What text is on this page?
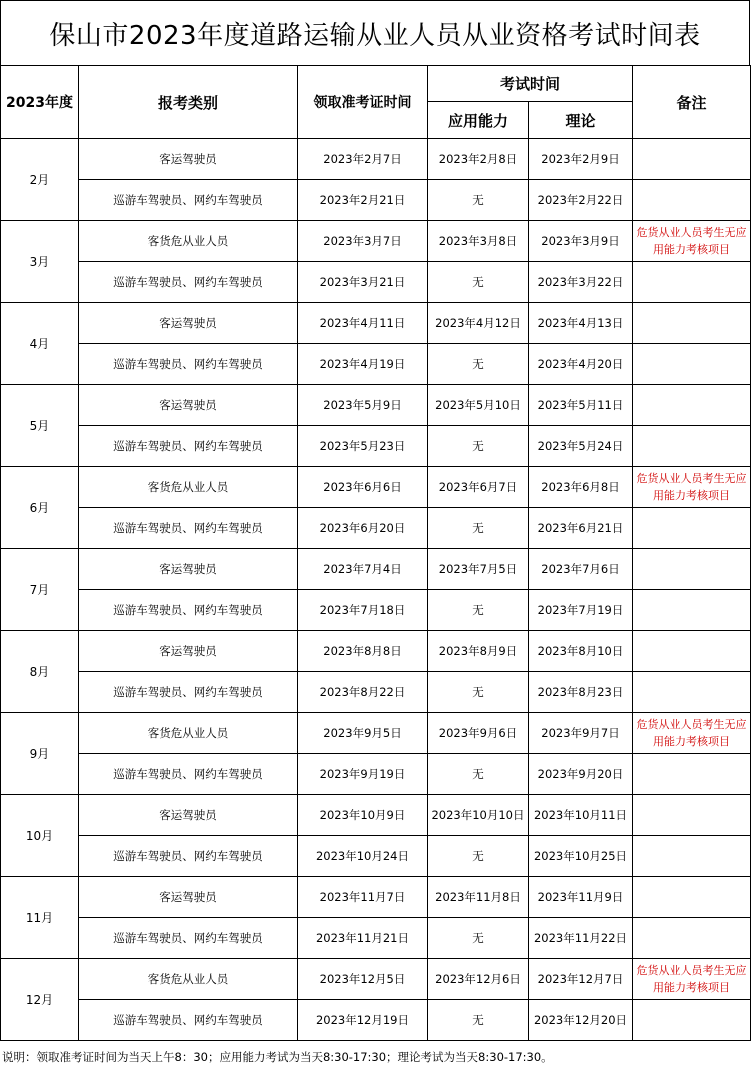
保山市2023年度道路运输从业人员从业资格考试时间表
2023年度	报考类别	领取准考证时间	考试时间		备注
			应用能力	理论	
2月	客运驾驶员	2023年2月7日	2023年2月8日	2023年2月9日	
	巡游车驾驶员、网约车驾驶员	2023年2月21日	无	2023年2月22日	
3月	客货危从业人员	2023年3月7日	2023年3月8日	2023年3月9日	危货从业人员考生无应用能力考核项目
	巡游车驾驶员、网约车驾驶员	2023年3月21日	无	2023年3月22日	
4月	客运驾驶员	2023年4月11日	2023年4月12日	2023年4月13日	
	巡游车驾驶员、网约车驾驶员	2023年4月19日	无	2023年4月20日	
5月	客运驾驶员	2023年5月9日	2023年5月10日	2023年5月11日	
	巡游车驾驶员、网约车驾驶员	2023年5月23日	无	2023年5月24日	
6月	客货危从业人员	2023年6月6日	2023年6月7日	2023年6月8日	危货从业人员考生无应用能力考核项目
	巡游车驾驶员、网约车驾驶员	2023年6月20日	无	2023年6月21日	
7月	客运驾驶员	2023年7月4日	2023年7月5日	2023年7月6日	
	巡游车驾驶员、网约车驾驶员	2023年7月18日	无	2023年7月19日	
8月	客运驾驶员	2023年8月8日	2023年8月9日	2023年8月10日	
	巡游车驾驶员、网约车驾驶员	2023年8月22日	无	2023年8月23日	
9月	客货危从业人员	2023年9月5日	2023年9月6日	2023年9月7日	危货从业人员考生无应用能力考核项目
	巡游车驾驶员、网约车驾驶员	2023年9月19日	无	2023年9月20日	
10月	客运驾驶员	2023年10月9日	2023年10月10日	2023年10月11日	
	巡游车驾驶员、网约车驾驶员	2023年10月24日	无	2023年10月25日	
11月	客运驾驶员	2023年11月7日	2023年11月8日	2023年11月9日	
	巡游车驾驶员、网约车驾驶员	2023年11月21日	无	2023年11月22日	
12月	客货危从业人员	2023年12月5日	2023年12月6日	2023年12月7日	危货从业人员考生无应用能力考核项目
	巡游车驾驶员、网约车驾驶员	2023年12月19日	无	2023年12月20日	
说明：领取准考证时间为当天上午8：30；应用能力考试为当天8:30-17:30；理论考试为当天8:30-17:30。
